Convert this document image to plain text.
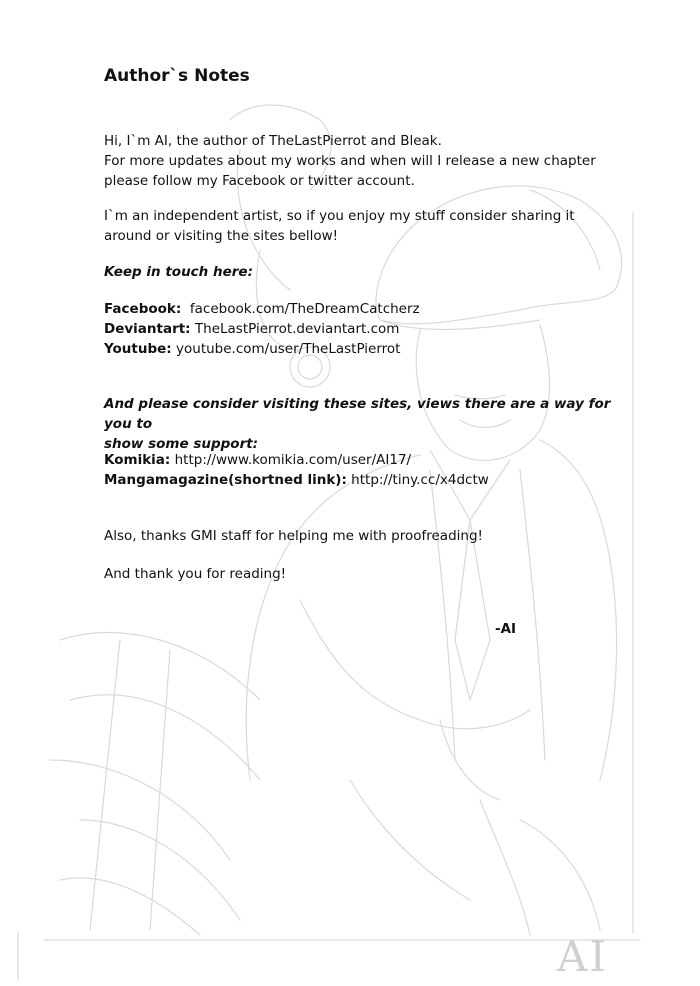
Author`s Notes
Hi, I`m AI, the author of TheLastPierrot and Bleak.
For more updates about my works and when will I release a new chapter
please follow my Facebook or twitter account.
I`m an independent artist, so if you enjoy my stuff consider sharing it
around or visiting the sites bellow!
Keep in touch here:
Facebook: facebook.com/TheDreamCatcherz
Deviantart: TheLastPierrot.deviantart.com
Youtube: youtube.com/user/TheLastPierrot
And please consider visiting these sites, views there are a way for you to
show some support:
Komikia: http://www.komikia.com/user/AI17/
Mangamagazine(shortned link): http://tiny.cc/x4dctw
Also, thanks GMI staff for helping me with proofreading!
And thank you for reading!
-AI
AI
